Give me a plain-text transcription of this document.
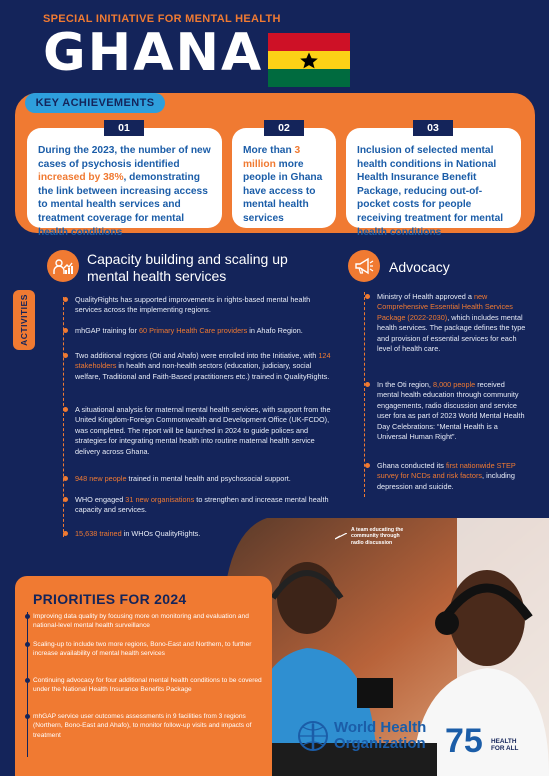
SPECIAL INITIATIVE FOR MENTAL HEALTH
GHANA
KEY ACHIEVEMENTS
01
During the 2023, the number of new cases of psychosis identified increased by 38%, demonstrating the link between increasing access to mental health services and treatment coverage for mental health conditions
02
More than 3 million more people in Ghana have access to mental health services
03
Inclusion of selected mental health conditions in National Health Insurance Benefit Package, reducing out-of-pocket costs for people receiving treatment for mental health conditions
Capacity building and scaling up
mental health services
ACTIVITIES	QualityRights has supported improvements in rights-based mental health services across the implementing regions.
mhGAP training for 60 Primary Health Care providers in Ahafo Region.
Two additional regions (Oti and Ahafo) were enrolled into the Initiative, with 124 stakeholders in health and non-health sectors (education, judiciary, social welfare, Traditional and Faith-Based practitioners etc.) trained in QualityRights.
A situational analysis for maternal mental health services, with support from the United Kingdom-Foreign Commonwealth and Development Office (UK-FCDO), was completed. The report will be launched in 2024 to guide polices and strategies for integrating mental health into routine maternal health service delivery across Ghana.
948 new people trained in mental health and psychosocial support.
WHO engaged 31 new organisations to strengthen and increase mental health capacity and services.
15,638 trained in WHOs QualityRights.
Advocacy
Ministry of Health approved a new Comprehensive Essential Health Services Package (2022-2030), which includes mental health services. The package defines the type and provision of essential services for each level of health care.
In the Oti region, 8,000 people received mental health education through community engagements, radio discussion and service user fora as part of 2023 World Mental Health Day Celebrations: “Mental Health is a Universal Human Right”.
Ghana conducted its first nationwide STEP survey for NCDs and risk factors, including depression and suicide.
A team educating the community through radio discussion
PRIORITIES FOR 2024
Improving data quality by focusing more on monitoring and evaluation and national-level mental health surveillance
Scaling-up to include two more regions, Bono-East and Northern, to further increase availability of mental health services
Continuing advocacy for four additional mental health conditions to be covered under the National Health Insurance Benefits Package
mhGAP service user outcomes assessments in 9 facilities from 3 regions (Northern, Bono-East and Ahafo), to monitor follow-up visits and impacts of treatment	World Health
Organization 75 HEALTH
FOR ALL
